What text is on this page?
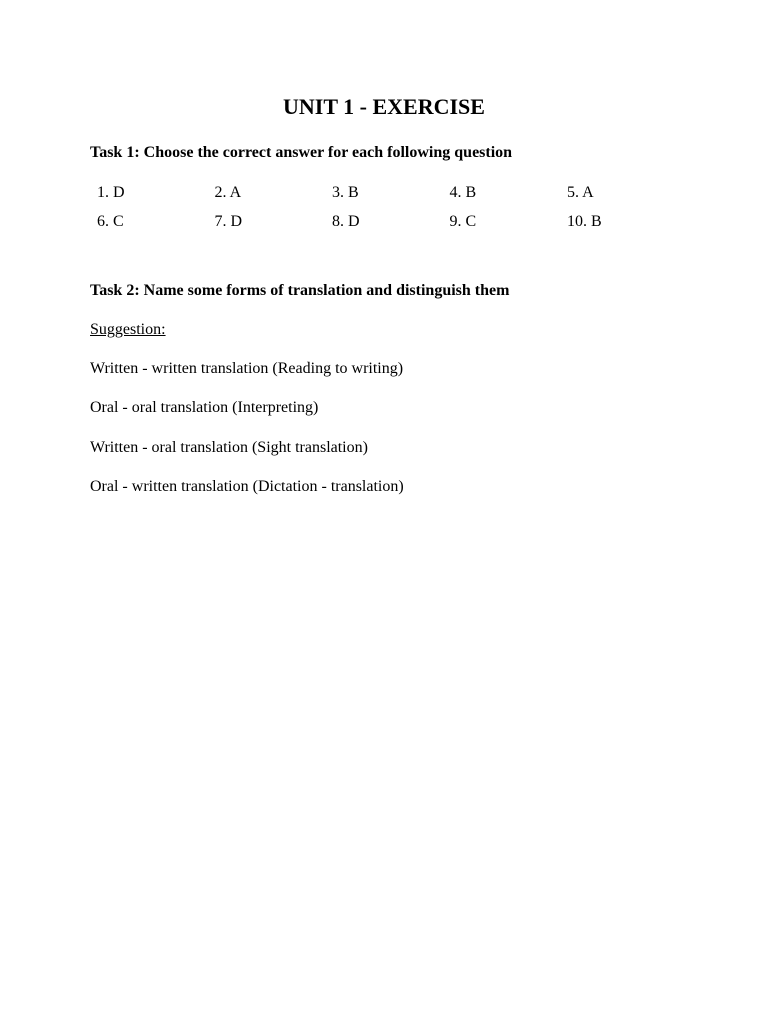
UNIT 1 - EXERCISE

Task 1: Choose the correct answer for each following question

1. D	2. A	3. B	4. B	5. A
6. C	7. D	8. D	9. C	10. B

Task 2: Name some forms of translation and distinguish them

Suggestion:

Written - written translation (Reading to writing)

Oral - oral translation (Interpreting)

Written - oral translation (Sight translation)

Oral - written translation (Dictation - translation)
